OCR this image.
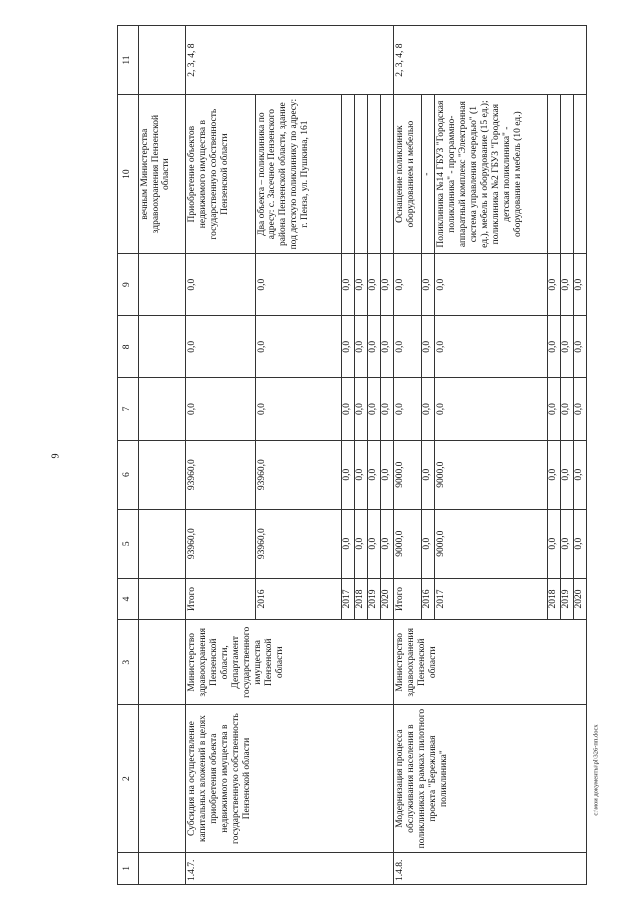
9
c:\мои документы\pl\326-пп.docx
1	2	3	4	5	6	7	8	9	10	11
									вечным Министерства здравоохранения Пензенской области	
1.4.7.	Субсидия на осуществление капитальных вложений в целях приобретения объекта недвижимого имущества в государственную собственность Пензенской области	Министерство здравоохранения Пензенской области, Департамент государственного имущества Пензенской области	Итого	93960,0	93960,0	0,0	0,0	0,0	Приобретение объектов недвижимого имущества в государственную собственность Пензенской области	2, 3, 4, 8
			2016	93960,0	93960,0	0,0	0,0	0,0	Два объекта – поликлиника по адресу: с. Засечное Пензенского района Пензенской области, здание под детскую поликлинику по адресу: г. Пенза, ул. Пушкина, 161	
			2017	0,0	0,0	0,0	0,0	0,0		
			2018	0,0	0,0	0,0	0,0	0,0		
			2019	0,0	0,0	0,0	0,0	0,0		
			2020	0,0	0,0	0,0	0,0	0,0		
1.4.8.	Модернизация процесса обслуживания населения в поликлиниках в рамках пилотного проекта "Бережливая поликлиника"	Министерство здравоохранения Пензенской области	Итого	9000,0	9000,0	0,0	0,0	0,0	Оснащение поликлиник оборудованием и мебелью	2, 3, 4, 8
			2016	0,0	0,0	0,0	0,0	0,0	-	
			2017	9000,0	9000,0	0,0	0,0	0,0	Поликлиника №14 ГБУЗ "Городская поликлиника" - программно-аппаратный комплекс "Электронная система управления очередью" (1 ед.), мебель и оборудование (15 ед.); поликлиника №2 ГБУЗ "Городская детская поликлиника" - оборудование и мебель (10 ед.)	
			2018	0,0	0,0	0,0	0,0	0,0		
			2019	0,0	0,0	0,0	0,0	0,0		
			2020	0,0	0,0	0,0	0,0	0,0		
